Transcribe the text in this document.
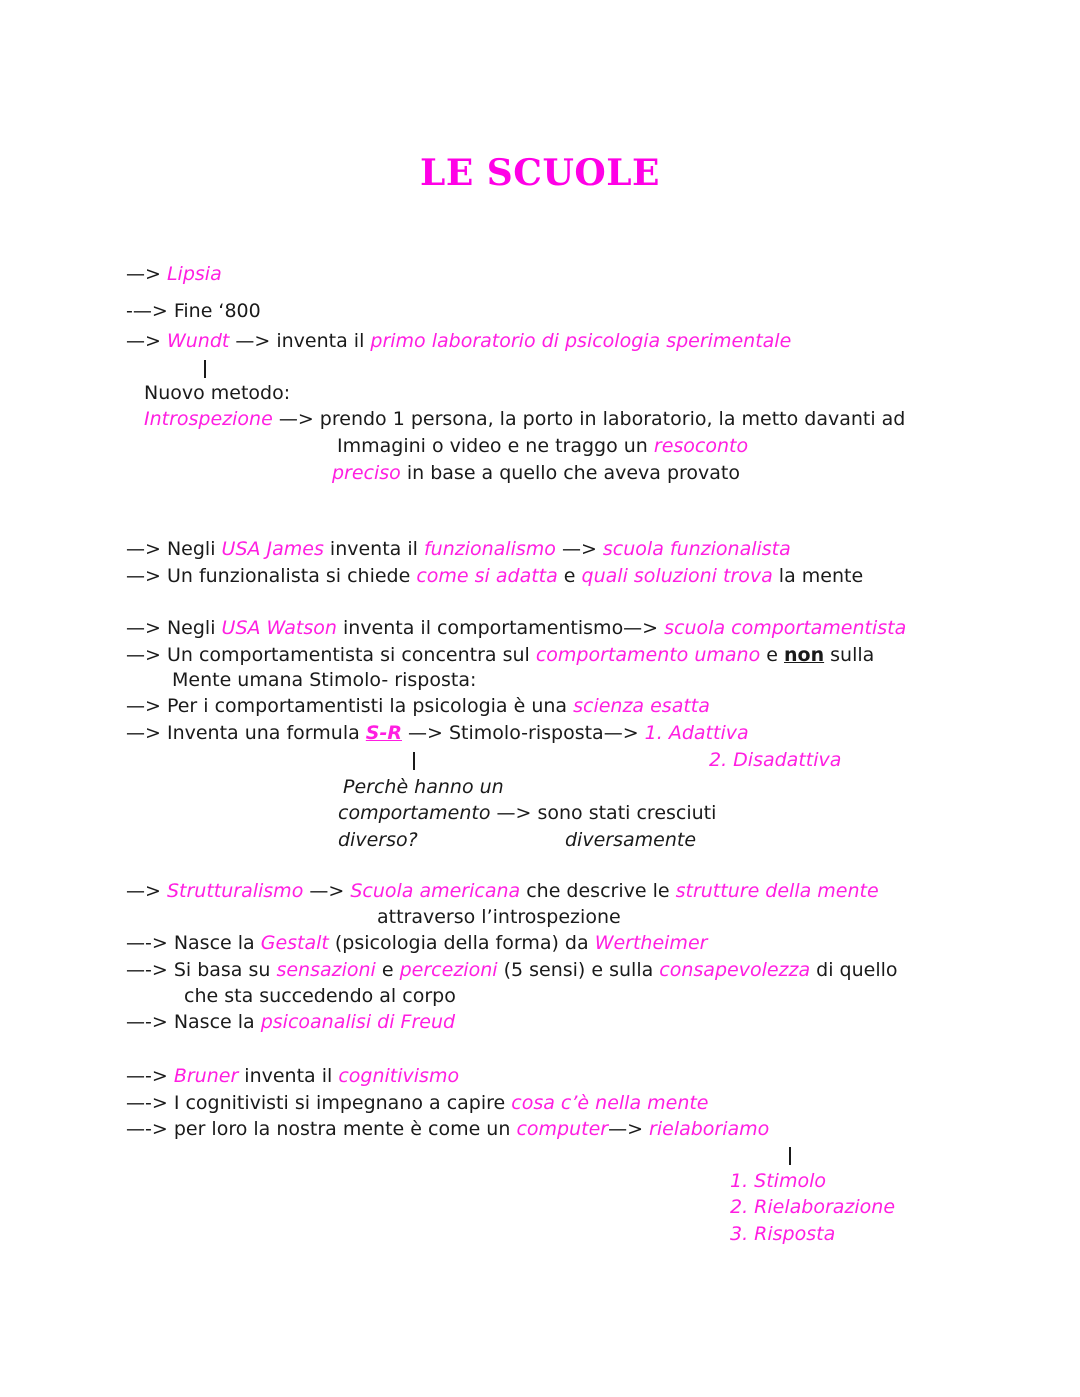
LE SCUOLE
—> Lipsia
-—> Fine ‘800
—> Wundt —> inventa il primo laboratorio di psicologia sperimentale
Nuovo metodo:
Introspezione —> prendo 1 persona, la porto in laboratorio, la metto davanti ad
Immagini o video e ne traggo un resoconto
preciso in base a quello che aveva provato
—> Negli USA James inventa il funzionalismo —> scuola funzionalista
—> Un funzionalista si chiede come si adatta e quali soluzioni trova la mente
—> Negli USA Watson inventa il comportamentismo—> scuola comportamentista
—> Un comportamentista si concentra sul comportamento umano e non sulla
Mente umana Stimolo- risposta:
—> Per i comportamentisti la psicologia è una scienza esatta
—> Inventa una formula S-R —> Stimolo-risposta—> 1. Adattiva
2. Disadattiva
Perchè hanno un
comportamento —> sono stati cresciuti
diverso?	diversamente
—> Strutturalismo —> Scuola americana che descrive le strutture della mente
attraverso l’introspezione
—-> Nasce la Gestalt (psicologia della forma) da Wertheimer
—-> Si basa su sensazioni e percezioni (5 sensi) e sulla consapevolezza di quello
che sta succedendo al corpo
—-> Nasce la psicoanalisi di Freud
—-> Bruner inventa il cognitivismo
—-> I cognitivisti si impegnano a capire cosa c’è nella mente
—-> per loro la nostra mente è come un computer—> rielaboriamo
1. Stimolo
2. Rielaborazione
3. Risposta
